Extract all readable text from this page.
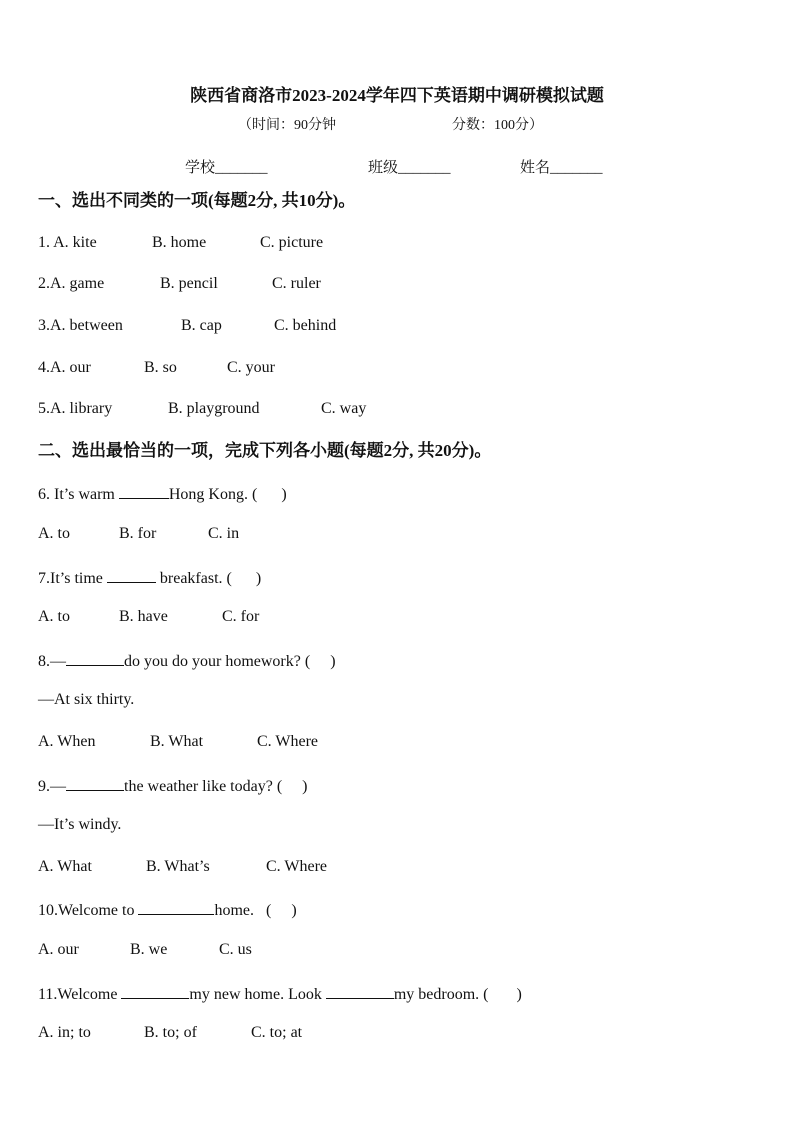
陕西省商洛市2023-2024学年四下英语期中调研模拟试题
（时间：90分钟	分数：100分）
学校_______	班级_______	姓名_______
一、选出不同类的一项(每题2分, 共10分)。
1. A. kite	B. home	C. picture
2.A. game	B. pencil	C. ruler
3.A. between	B. cap	C. behind
4.A. our	B. so	C. your
5.A. library	B. playground	C. way
二、选出最恰当的一项，完成下列各小题(每题2分, 共20分)。
6. It’s warm	Hong Kong. (      )
A. to	B. for	C. in
7.It’s time	breakfast. (      )
A. to	B. have	C. for
8.—	do you do your homework? (     )
—At six thirty.
A. When	B. What	C. Where
9.—	the weather like today? (     )
—It’s windy.
A. What	B. What’s	C. Where
10.Welcome to	home.   (     )
A. our	B. we	C. us
11.Welcome	my new home. Look	my bedroom. (       )
A. in; to	B. to; of	C. to; at
